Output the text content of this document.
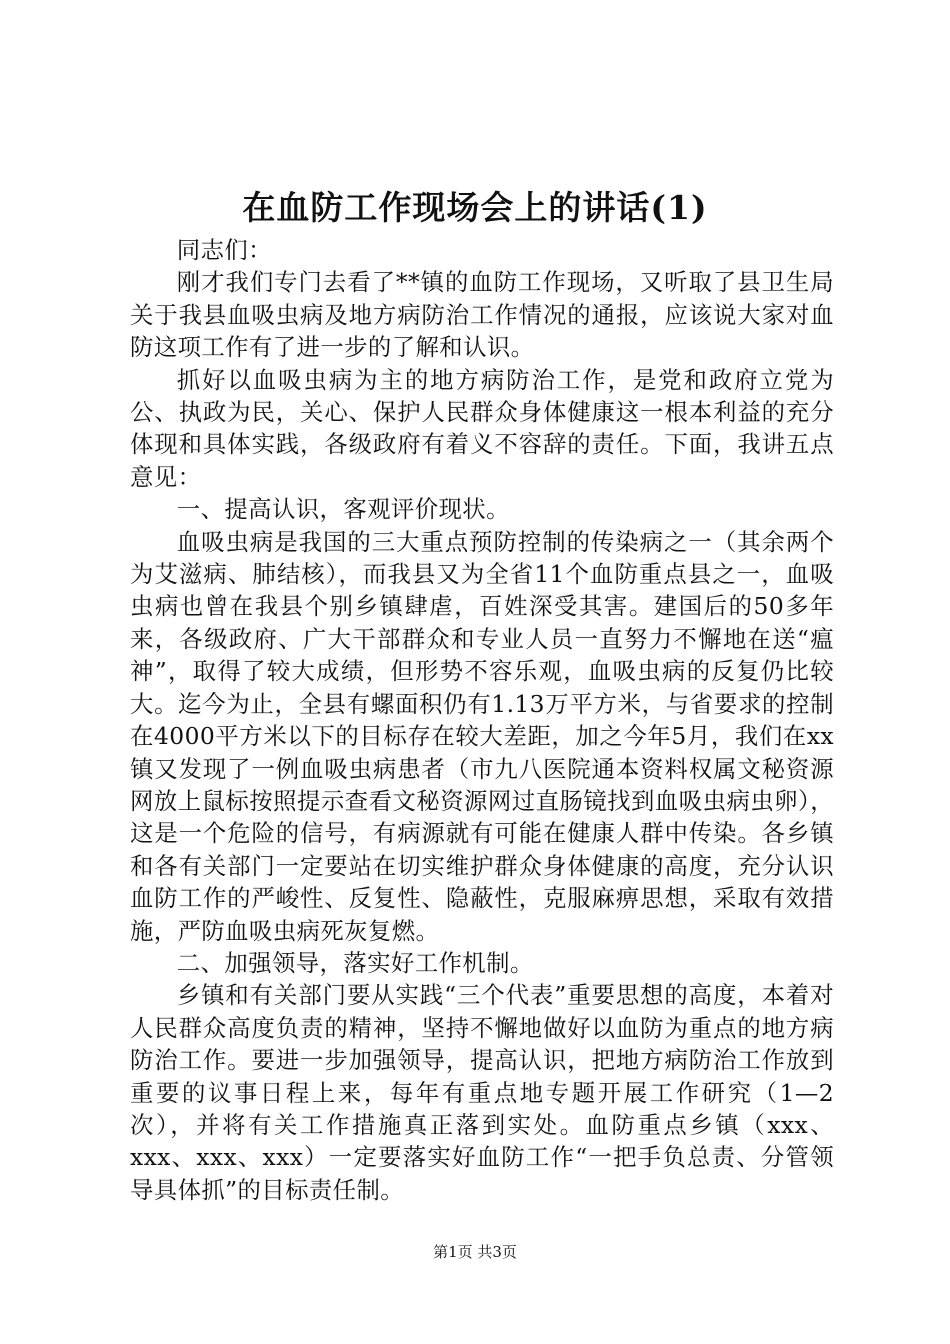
在血防工作现场会上的讲话(1)

同志们：

刚才我们专门去看了**镇的血防工作现场，又听取了县卫生局关于我县血吸虫病及地方病防治工作情况的通报，应该说大家对血防这项工作有了进一步的了解和认识。

抓好以血吸虫病为主的地方病防治工作，是党和政府立党为公、执政为民，关心、保护人民群众身体健康这一根本利益的充分体现和具体实践，各级政府有着义不容辞的责任。下面，我讲五点意见：

一、提高认识，客观评价现状。

血吸虫病是我国的三大重点预防控制的传染病之一（其余两个为艾滋病、肺结核），而我县又为全省11个血防重点县之一，血吸虫病也曾在我县个别乡镇肆虐，百姓深受其害。建国后的50多年来，各级政府、广大干部群众和专业人员一直努力不懈地在送“瘟神”，取得了较大成绩，但形势不容乐观，血吸虫病的反复仍比较大。迄今为止，全县有螺面积仍有1.13万平方米，与省要求的控制在4000平方米以下的目标存在较大差距，加之今年5月，我们在xx镇又发现了一例血吸虫病患者（市九八医院通本资料权属文秘资源网放上鼠标按照提示查看文秘资源网过直肠镜找到血吸虫病虫卵），这是一个危险的信号，有病源就有可能在健康人群中传染。各乡镇和各有关部门一定要站在切实维护群众身体健康的高度，充分认识血防工作的严峻性、反复性、隐蔽性，克服麻痹思想，采取有效措施，严防血吸虫病死灰复燃。

二、加强领导，落实好工作机制。

乡镇和有关部门要从实践“三个代表”重要思想的高度，本着对人民群众高度负责的精神，坚持不懈地做好以血防为重点的地方病防治工作。要进一步加强领导，提高认识，把地方病防治工作放到重要的议事日程上来，每年有重点地专题开展工作研究（1—2次），并将有关工作措施真正落到实处。血防重点乡镇（xxx、xxx、xxx、xxx）一定要落实好血防工作“一把手负总责、分管领导具体抓”的目标责任制。

第1页 共3页
